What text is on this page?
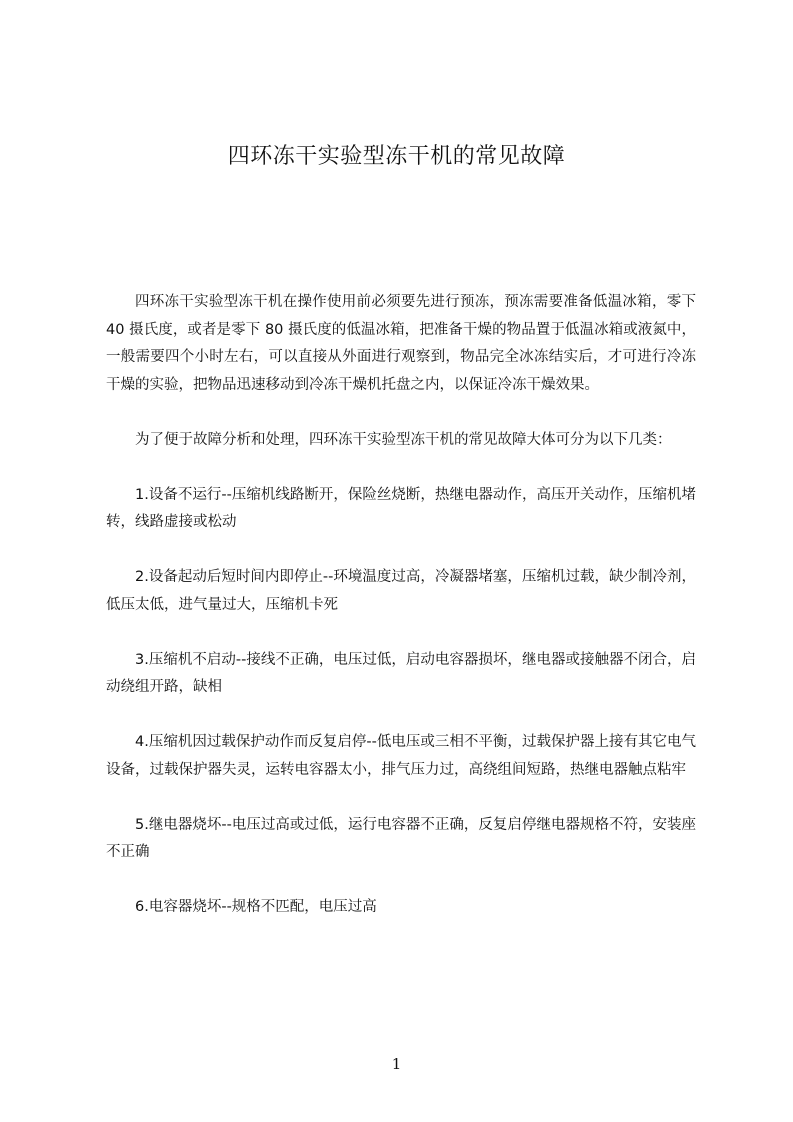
四环冻干实验型冻干机的常见故障

四环冻干实验型冻干机在操作使用前必须要先进行预冻，预冻需要准备低温冰箱，零下 40 摄氏度，或者是零下 80 摄氏度的低温冰箱，把准备干燥的物品置于低温冰箱或液氮中，一般需要四个小时左右，可以直接从外面进行观察到，物品完全冰冻结实后，才可进行冷冻干燥的实验，把物品迅速移动到冷冻干燥机托盘之内，以保证冷冻干燥效果。

为了便于故障分析和处理，四环冻干实验型冻干机的常见故障大体可分为以下几类：

1.设备不运行--压缩机线路断开，保险丝烧断，热继电器动作，高压开关动作，压缩机堵转，线路虚接或松动

2.设备起动后短时间内即停止--环境温度过高，冷凝器堵塞，压缩机过载，缺少制冷剂，低压太低，进气量过大，压缩机卡死

3.压缩机不启动--接线不正确，电压过低，启动电容器损坏，继电器或接触器不闭合，启动绕组开路，缺相

4.压缩机因过载保护动作而反复启停--低电压或三相不平衡，过载保护器上接有其它电气设备，过载保护器失灵，运转电容器太小，排气压力过，高绕组间短路，热继电器触点粘牢

5.继电器烧坏--电压过高或过低，运行电容器不正确，反复启停继电器规格不符，安装座不正确

6.电容器烧坏--规格不匹配，电压过高

1
